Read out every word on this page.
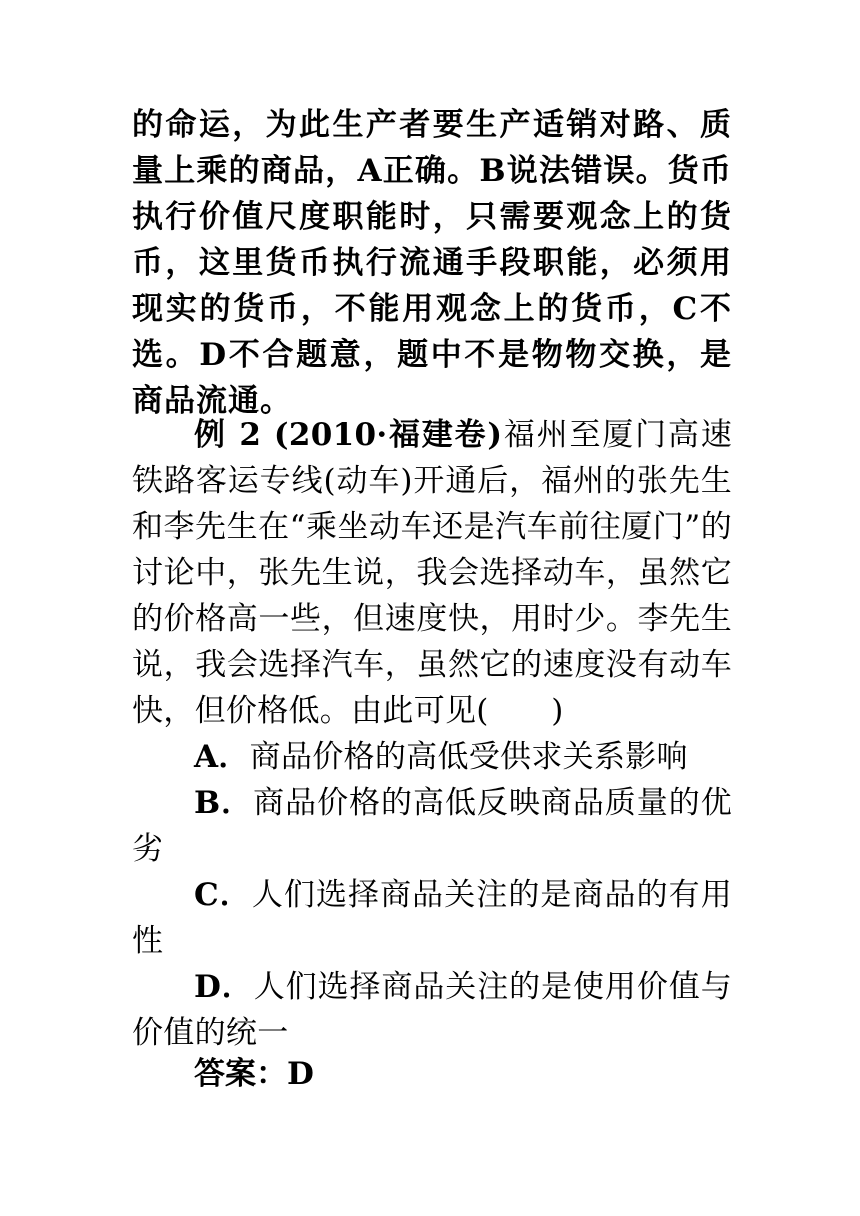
的命运，为此生产者要生产适销对路、质量上乘的商品，A正确。B说法错误。货币执行价值尺度职能时，只需要观念上的货币，这里货币执行流通手段职能，必须用现实的货币，不能用观念上的货币，C不选。D不合题意，题中不是物物交换，是商品流通。
例 2 (2010·福建卷)福州至厦门高速铁路客运专线(动车)开通后，福州的张先生和李先生在“乘坐动车还是汽车前往厦门”的讨论中，张先生说，我会选择动车，虽然它的价格高一些，但速度快，用时少。李先生说，我会选择汽车，虽然它的速度没有动车快，但价格低。由此可见(　　)
A．商品价格的高低受供求关系影响
B．商品价格的高低反映商品质量的优劣
C．人们选择商品关注的是商品的有用性
D．人们选择商品关注的是使用价值与价值的统一
答案：D
